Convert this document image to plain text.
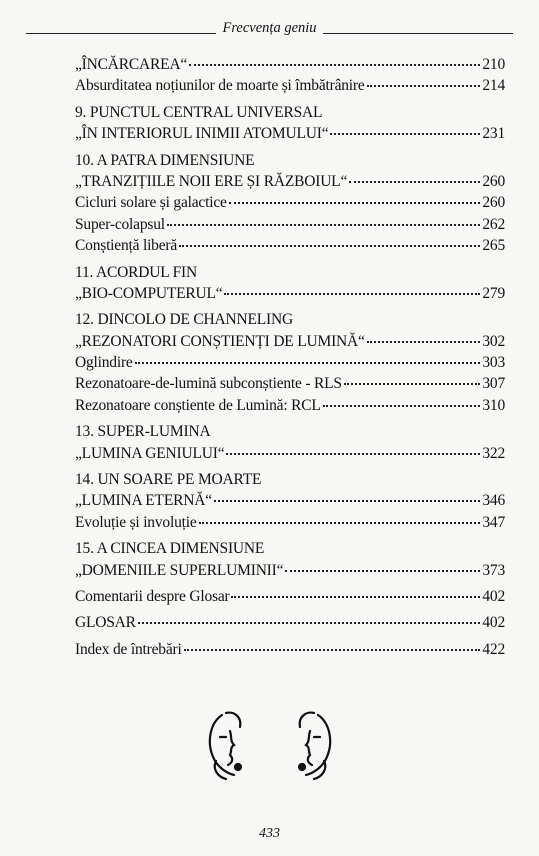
Frecvența geniu
„ÎNCĂRCAREA“	210
Absurditatea noțiunilor de moarte și îmbătrânire	214
9. PUNCTUL CENTRAL UNIVERSAL
„ÎN INTERIORUL INIMII ATOMULUI“	231
10. A PATRA DIMENSIUNE
„TRANZIȚIILE NOII ERE ȘI RĂZBOIUL“	260
Cicluri solare și galactice	260
Super-colapsul	262
Conștiență liberă	265
11. ACORDUL FIN
„BIO-COMPUTERUL“	279
12. DINCOLO DE CHANNELING
„REZONATORI CONȘTIENȚI DE LUMINĂ“	302
Oglindire	303
Rezonatoare-de-lumină subconștiente - RLS	307
Rezonatoare conștiente de Lumină: RCL	310
13. SUPER-LUMINA
„LUMINA GENIULUI“	322
14. UN SOARE PE MOARTE
„LUMINA ETERNĂ“	346
Evoluție și involuție	347
15. A CINCEA DIMENSIUNE
„DOMENIILE SUPERLUMINII“	373
Comentarii despre Glosar	402
GLOSAR	402
Index de întrebări	422
433
